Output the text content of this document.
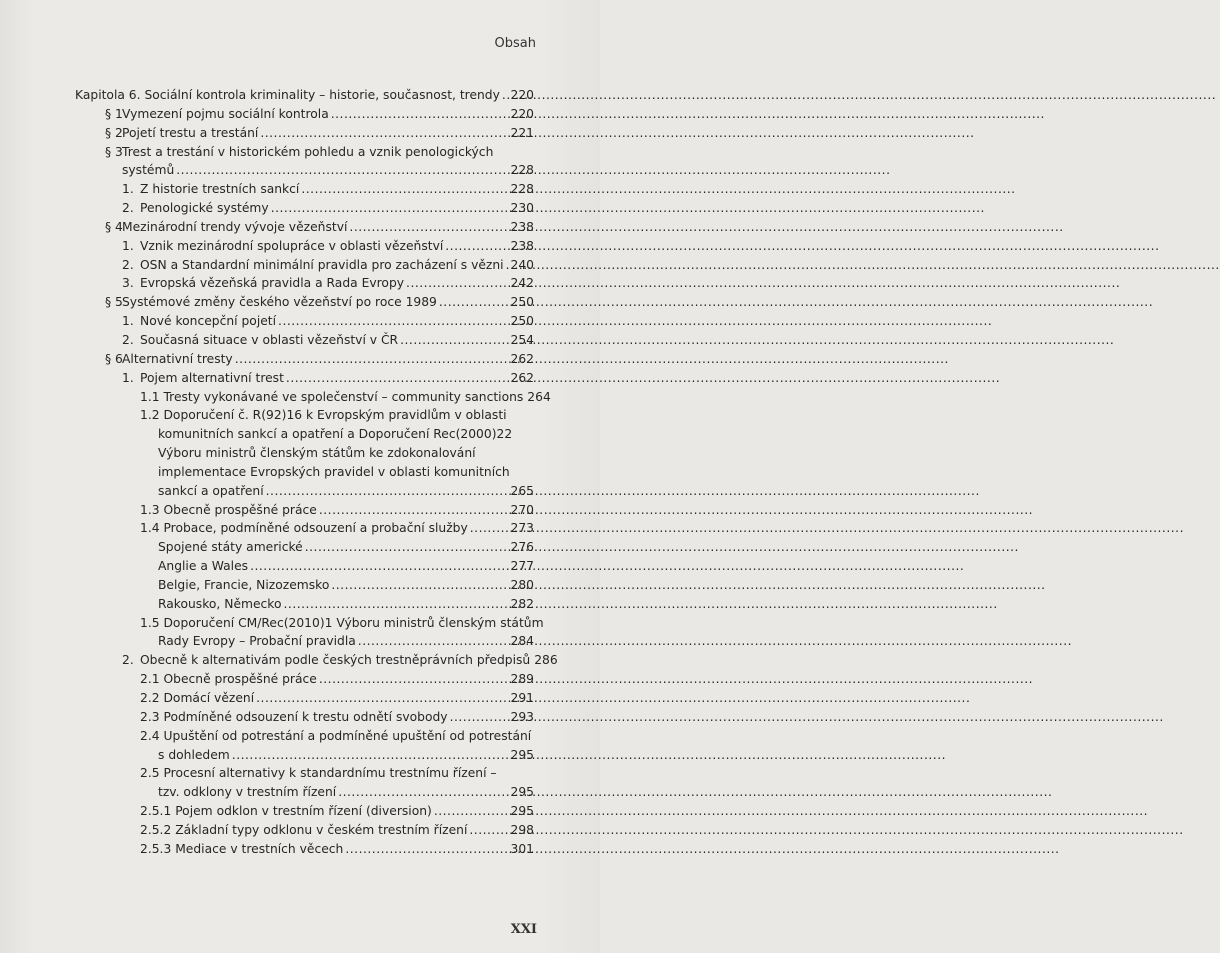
Obsah
Kapitola 6. Sociální kontrola kriminality – historie, současnost, trendy ..... 220
§ 1 Vymezení pojmu sociální kontrola .....	220
§ 2 Pojetí trestu a trestání .....	221
§ 3 Trest a trestání v historickém pohledu a vznik penologických
systémů .....	228
1. Z historie trestních sankcí .....	228
2. Penologické systémy .....	230
§ 4 Mezinárodní trendy vývoje vězeňství .....	238
1. Vznik mezinárodní spolupráce v oblasti vězeňství .....	238
2. OSN a Standardní minimální pravidla pro zacházení s vězni ..... 240
3. Evropská vězeňská pravidla a Rada Evropy .....	242
§ 5 Systémové změny českého vězeňství po roce 1989 .....	250
1. Nové koncepční pojetí .....	250
2. Současná situace v oblasti vězeňství v ČR .....	254
§ 6 Alternativní tresty .....	262
1. Pojem alternativní trest .....	262
1.1 Tresty vykonávané ve společenství – community sanctions 264
1.2 Doporučení č. R(92)16 k Evropským pravidlům v oblasti
komunitních sankcí a opatření a Doporučení Rec(2000)22
Výboru ministrů členským státům ke zdokonalování
implementace Evropských pravidel v oblasti komunitních
sankcí a opatření .....	265
1.3 Obecně prospěšné práce .....	270
1.4 Probace, podmíněné odsouzení a probační služby .....	273
Spojené státy americké .....	276
Anglie a Wales .....	277
Belgie, Francie, Nizozemsko .....	280
Rakousko, Německo .....	282
1.5 Doporučení CM/Rec(2010)1 Výboru ministrů členským státům
Rady Evropy – Probační pravidla .....	284
2. Obecně k alternativám podle českých trestněprávních předpisů 286
2.1 Obecně prospěšné práce .....	289
2.2 Domácí vězení .....	291
2.3 Podmíněné odsouzení k trestu odnětí svobody .....	293
2.4 Upuštění od potrestání a podmíněné upuštění od potrestání
s dohledem .....	295
2.5 Procesní alternativy k standardnímu trestnímu řízení –
tzv. odklony v trestním řízení .....	295
2.5.1 Pojem odklon v trestním řízení (diversion) .....	295
2.5.2 Základní typy odklonu v českém trestním řízení .....	298
2.5.3 Mediace v trestních věcech .....	301
XXI
